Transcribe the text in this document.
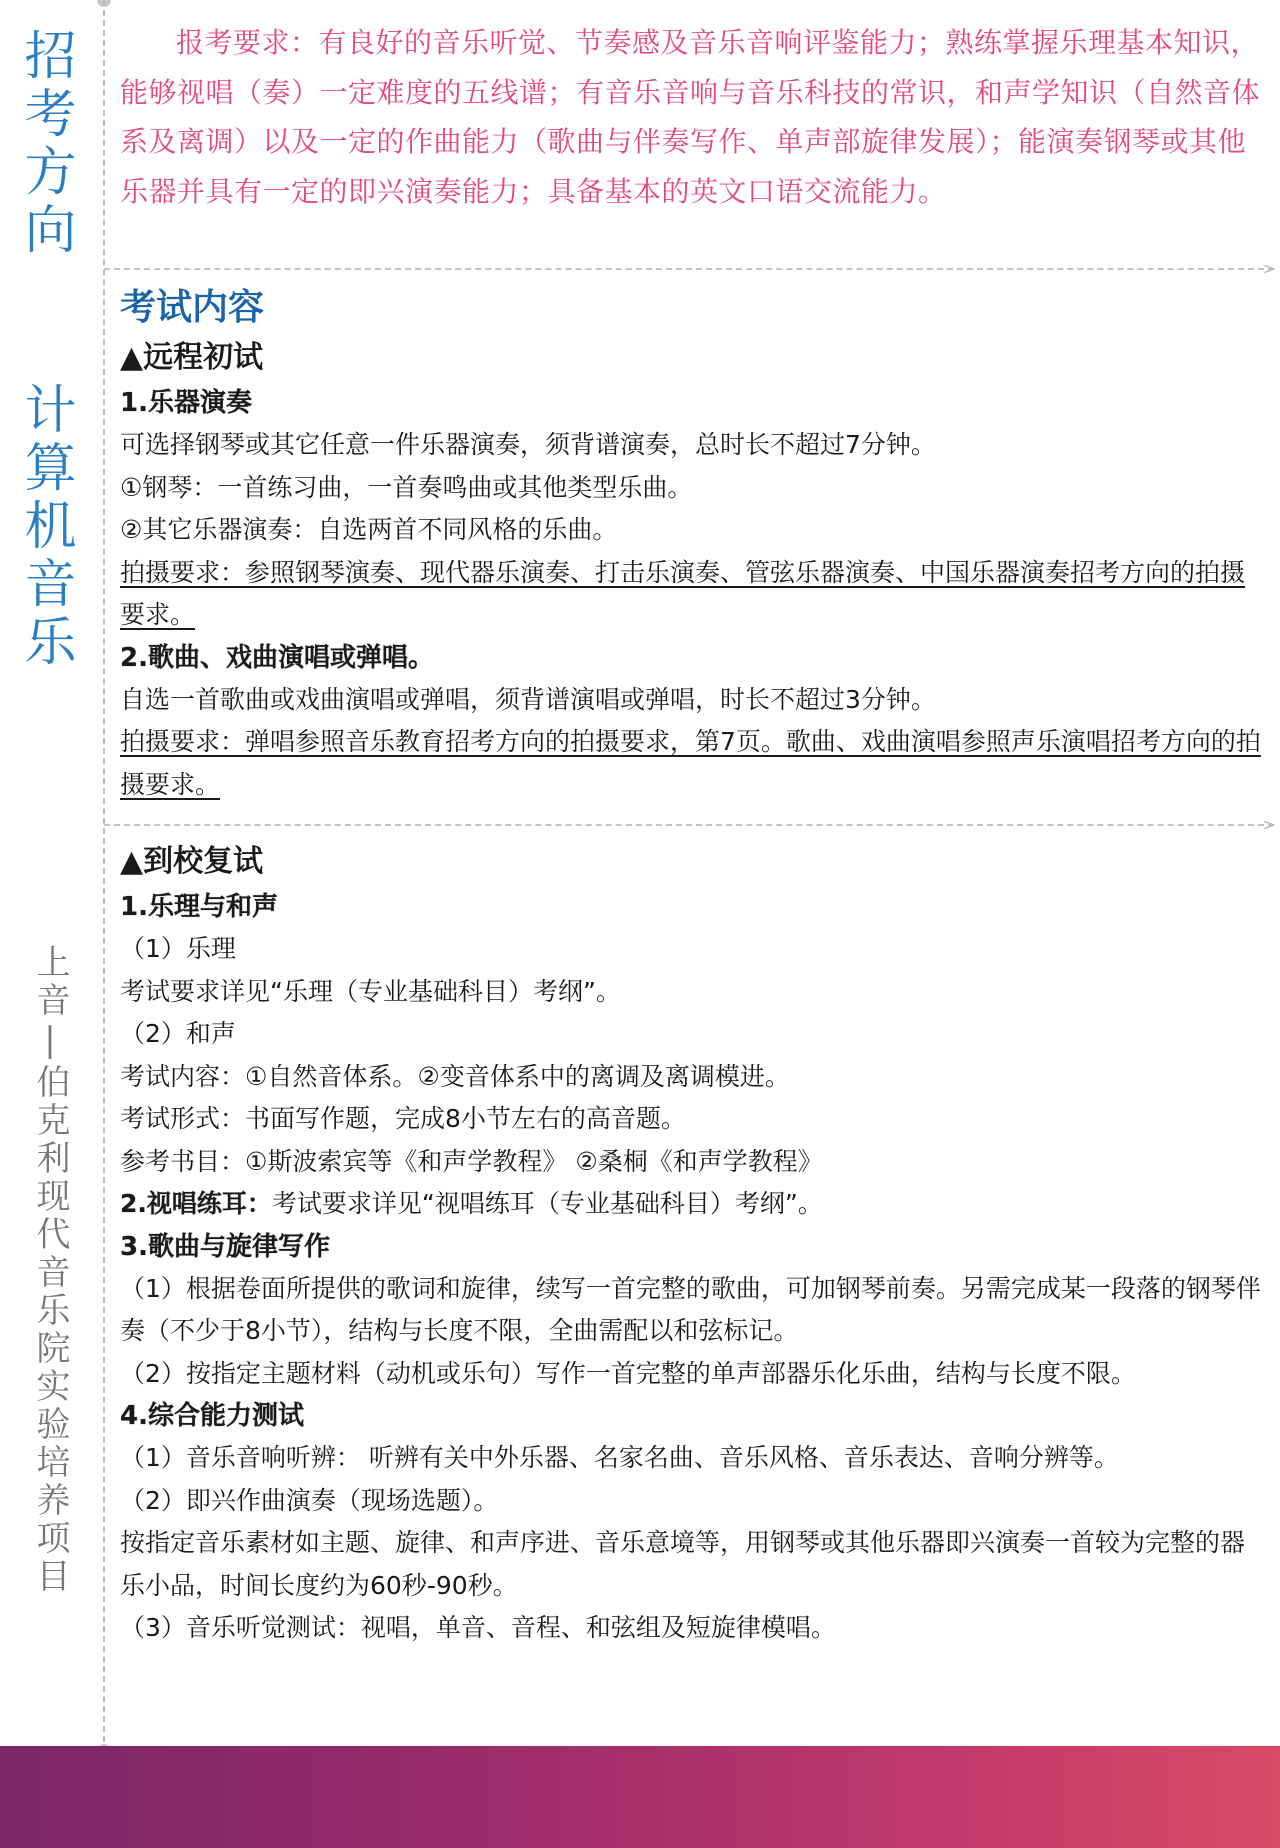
招考方向
计算机音乐
上音|伯克利现代音乐院实验培养项目

报考要求：有良好的音乐听觉、节奏感及音乐音响评鉴能力；熟练掌握乐理基本知识，能够视唱（奏）一定难度的五线谱；有音乐音响与音乐科技的常识，和声学知识（自然音体系及离调）以及一定的作曲能力（歌曲与伴奏写作、单声部旋律发展）；能演奏钢琴或其他乐器并具有一定的即兴演奏能力；具备基本的英文口语交流能力。

>
考试内容
▲远程初试
1.乐器演奏

可选择钢琴或其它任意一件乐器演奏，须背谱演奏，总时长不超过7分钟。

①钢琴：一首练习曲，一首奏鸣曲或其他类型乐曲。

②其它乐器演奏：自选两首不同风格的乐曲。

拍摄要求：参照钢琴演奏、现代器乐演奏、打击乐演奏、管弦乐器演奏、中国乐器演奏招考方向的拍摄要求。

2.歌曲、戏曲演唱或弹唱。

自选一首歌曲或戏曲演唱或弹唱，须背谱演唱或弹唱，时长不超过3分钟。

拍摄要求：弹唱参照音乐教育招考方向的拍摄要求，第7页。歌曲、戏曲演唱参照声乐演唱招考方向的拍摄要求。

>
▲到校复试
1.乐理与和声

（1）乐理

考试要求详见“乐理（专业基础科目）考纲”。

（2）和声

考试内容：①自然音体系。②变音体系中的离调及离调模进。

考试形式：书面写作题，完成8小节左右的高音题。

参考书目：①斯波索宾等《和声学教程》 ②桑桐《和声学教程》

2.视唱练耳：考试要求详见“视唱练耳（专业基础科目）考纲”。

3.歌曲与旋律写作

（1）根据卷面所提供的歌词和旋律，续写一首完整的歌曲，可加钢琴前奏。另需完成某一段落的钢琴伴奏（不少于8小节），结构与长度不限，全曲需配以和弦标记。

（2）按指定主题材料（动机或乐句）写作一首完整的单声部器乐化乐曲，结构与长度不限。

4.综合能力测试

（1）音乐音响听辨： 听辨有关中外乐器、名家名曲、音乐风格、音乐表达、音响分辨等。

（2）即兴作曲演奏（现场选题）。

按指定音乐素材如主题、旋律、和声序进、音乐意境等，用钢琴或其他乐器即兴演奏一首较为完整的器乐小品，时间长度约为60秒-90秒。

（3）音乐听觉测试：视唱，单音、音程、和弦组及短旋律模唱。
